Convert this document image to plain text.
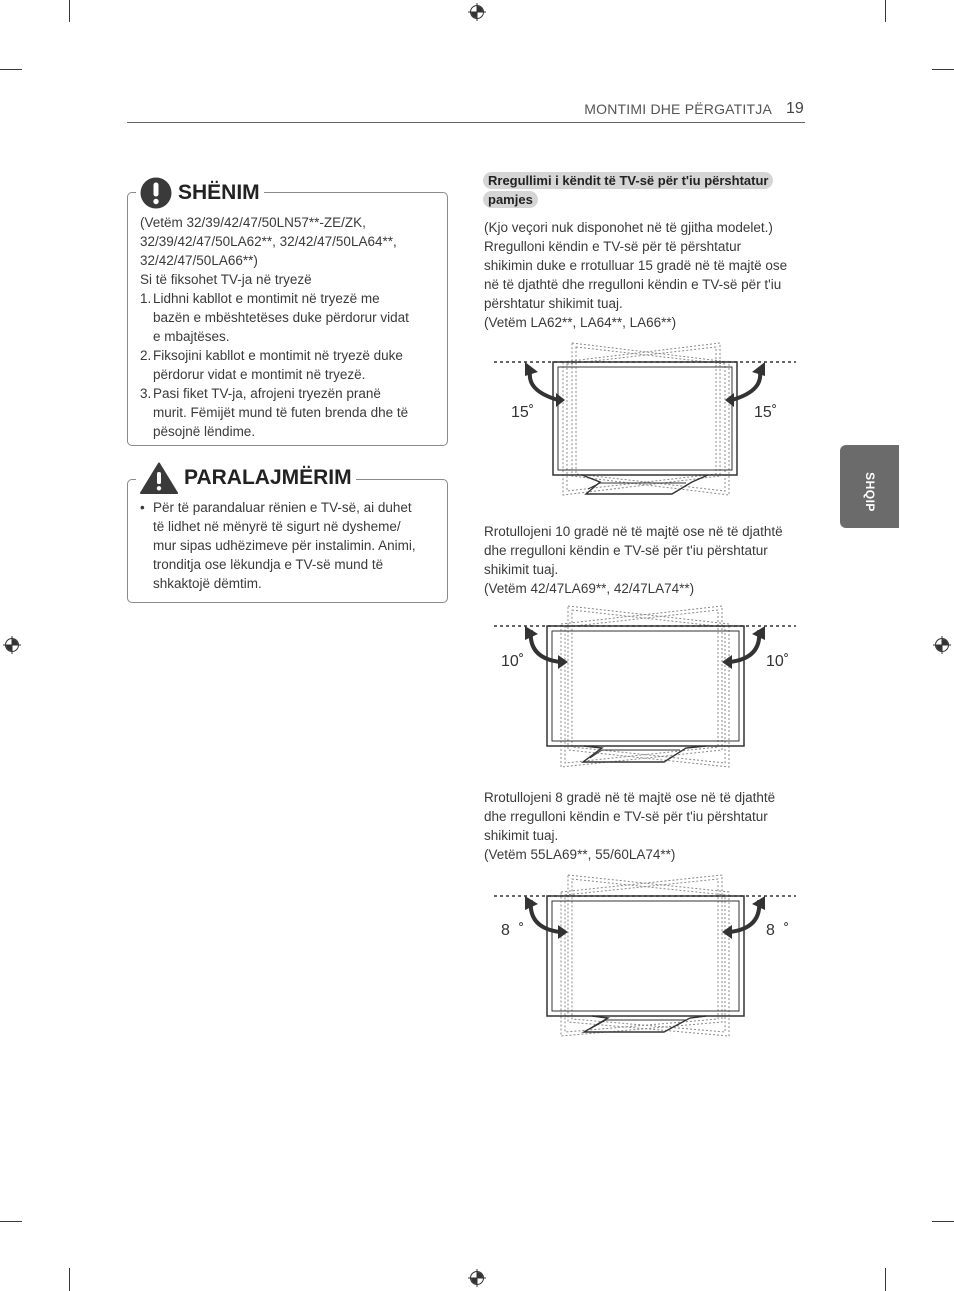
MONTIMI DHE PËRGATITJA 19
SHQIP
(Vetëm 32/39/42/47/50LN57**-ZE/ZK,
32/39/42/47/50LA62**, 32/42/47/50LA64**,
32/42/47/50LA66**)
Si të fiksohet TV-ja në tryezë
1. Lidhni kabllot e montimit në tryezë me
bazën e mbështetëses duke përdorur vidat
e mbajtëses.
2. Fiksojini kabllot e montimit në tryezë duke
përdorur vidat e montimit në tryezë.
3. Pasi fiket TV-ja, afrojeni tryezën pranë
murit. Fëmijët mund të futen brenda dhe të
pësojnë lëndime.
SHËNIM
• Për të parandaluar rënien e TV-së, ai duhet
të lidhet në mënyrë të sigurt në dysheme/
mur sipas udhëzimeve për instalimin. Animi,
tronditja ose lëkundja e TV-së mund të
shkaktojë dëmtim.
PARALAJMËRIM
Rregullimi i këndit të TV-së për t'iu përshtatur
pamjes
(Kjo veçori nuk disponohet në të gjitha modelet.)
Rregulloni këndin e TV-së për të përshtatur
shikimin duke e rrotulluar 15 gradë në të majtë ose
në të djathtë dhe rregulloni këndin e TV-së për t'iu
përshtatur shikimit tuaj.
(Vetëm LA62**, LA64**, LA66**)
15˚	15˚
Rrotullojeni 10 gradë në të majtë ose në të djathtë
dhe rregulloni këndin e TV-së për t'iu përshtatur
shikimit tuaj.
(Vetëm 42/47LA69**, 42/47LA74**)
10˚	10˚
Rrotullojeni 8 gradë në të majtë ose në të djathtë
dhe rregulloni këndin e TV-së për t'iu përshtatur
shikimit tuaj.
(Vetëm 55LA69**, 55/60LA74**)
8  ˚	8  ˚
